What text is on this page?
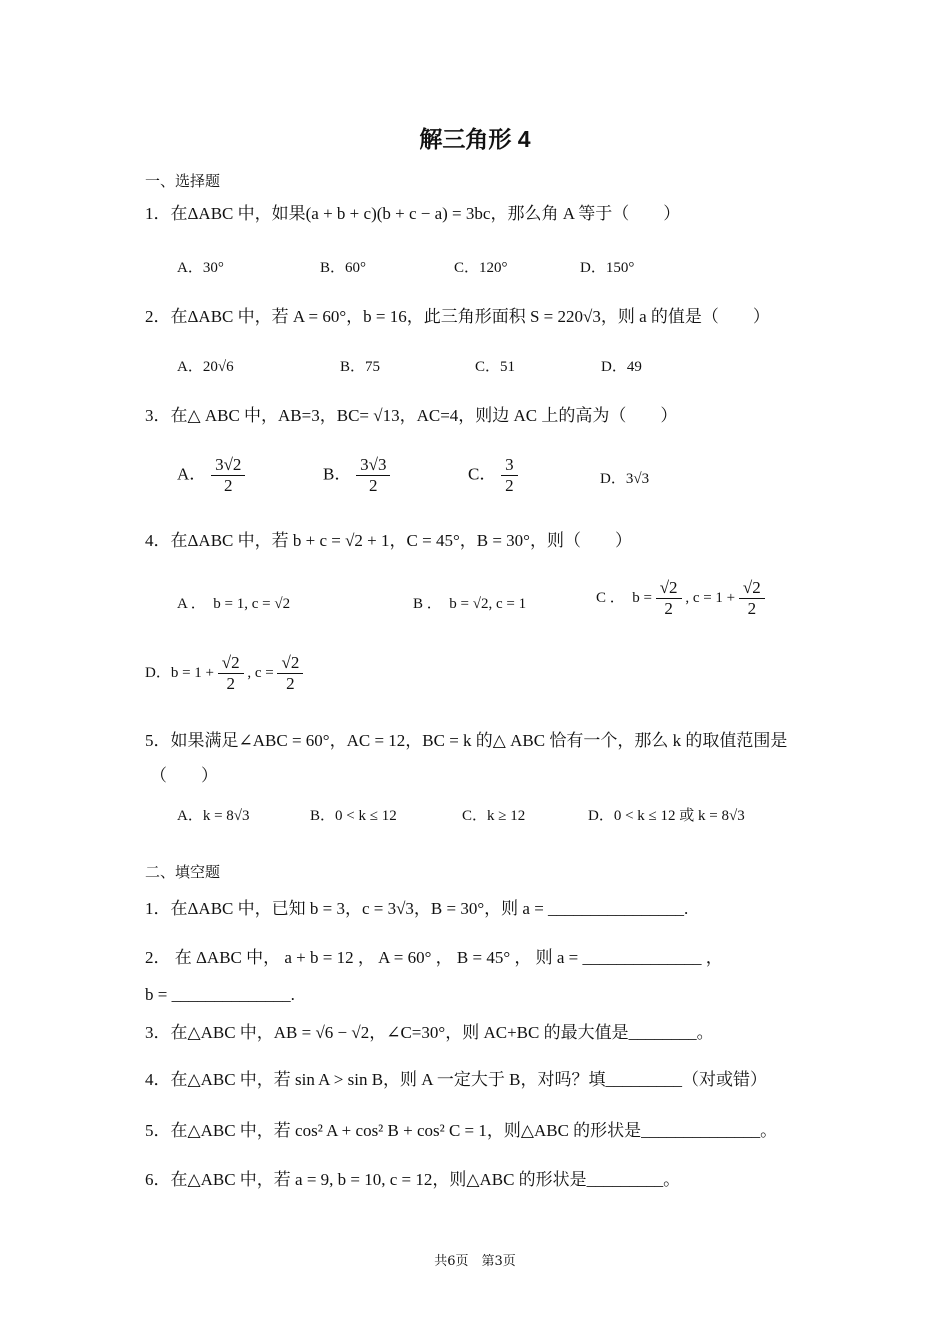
解三角形 4
一、选择题
1．在ΔABC 中，如果(a + b + c)(b + c − a) = 3bc，那么角 A 等于（　　）
A．30°	B．60°	C．120°	D．150°
2．在ΔABC 中，若 A = 60°，b = 16，此三角形面积 S = 220√3，则 a 的值是（　　）
A．20√6	B．75	C．51	D．49
3．在△ ABC 中，AB=3，BC= √13，AC=4，则边 AC 上的高为（　　）
A． $\frac{3√2}{2}$	B． $\frac{3√3}{2}$	C． $\frac{3}{2}$	D．3√3
4．在ΔABC 中，若 b + c = √2 + 1，C = 45°，B = 30°，则（　　）
A ．　b = 1, c = √2	B ．　b = √2, c = 1	C ．　$b = \frac{√2}{2}$ , $c = 1 + \frac{√2}{2}$
D．$b = 1 + \frac{√2}{2}$ , $c = \frac{√2}{2}$
5．如果满足∠ABC = 60°，AC = 12，BC = k 的△ ABC 恰有一个，那么 k 的取值范围是
（　　）
A．k = 8√3	B．0 < k ≤ 12	C．k ≥ 12	D．0 < k ≤ 12 或 k = 8√3
二、填空题
1．在ΔABC 中，已知 b = 3，c = 3√3，B = 30°，则 a = ________________.
2． 在 ΔABC 中， a + b = 12 ， A = 60° ， B = 45° ， 则 a = ______________ ，
b = ______________.
3．在△ABC 中，AB = √6 − √2，∠C=30°，则 AC+BC 的最大值是________。
4．在△ABC 中，若 sin A > sin B，则 A 一定大于 B，对吗？填_________（对或错）
5．在△ABC 中，若 cos² A + cos² B + cos² C = 1，则△ABC 的形状是______________。
6．在△ABC 中，若 a = 9, b = 10, c = 12，则△ABC 的形状是_________。
共6页　第3页
